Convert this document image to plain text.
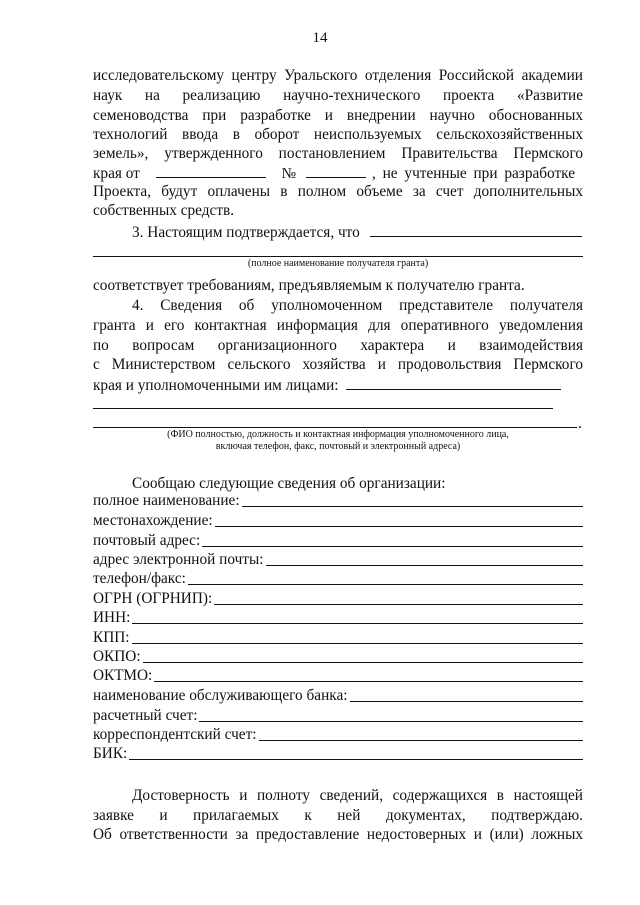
14
исследовательскому центру Уральского отделения Российской академии
наук на реализацию научно-технического проекта «Развитие
семеноводства при разработке и внедрении научно обоснованных
технологий ввода в оборот неиспользуемых сельскохозяйственных
земель», утвержденного постановлением Правительства Пермского
края от	№	, не учтенные при разработке
Проекта, будут оплачены в полном объеме за счет дополнительных
собственных средств.
3. Настоящим подтверждается, что
(полное наименование получателя гранта)
соответствует требованиям, предъявляемым к получателю гранта.
4. Сведения об уполномоченном представителе получателя
гранта и его контактная информация для оперативного уведомления
по вопросам организационного характера и взаимодействия
с Министерством сельского хозяйства и продовольствия Пермского
края и уполномоченными им лицами:
.
(ФИО полностью, должность и контактная информация уполномоченного лица,
включая телефон, факс, почтовый и электронный адреса)
Сообщаю следующие сведения об организации:
полное наименование:
местонахождение:
почтовый адрес:
адрес электронной почты:
телефон/факс:
ОГРН (ОГРНИП):
ИНН:
КПП:
ОКПО:
ОКТМО:
наименование обслуживающего банка:
расчетный счет:
корреспондентский счет:
БИК:
Достоверность и полноту сведений, содержащихся в настоящей
заявке и прилагаемых к ней документах, подтверждаю.
Об ответственности за предоставление недостоверных и (или) ложных
